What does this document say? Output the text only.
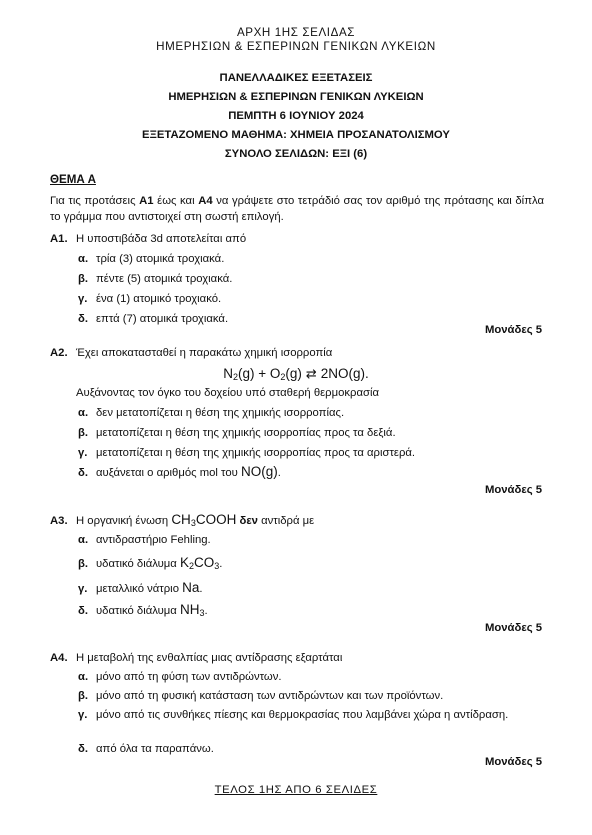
ΑΡΧΗ 1ΗΣ ΣΕΛΙΔΑΣ
ΗΜΕΡΗΣΙΩΝ & ΕΣΠΕΡΙΝΩΝ ΓΕΝΙΚΩΝ ΛΥΚΕΙΩΝ
ΠΑΝΕΛΛΑΔΙΚΕΣ ΕΞΕΤΑΣΕΙΣ
ΗΜΕΡΗΣΙΩΝ & ΕΣΠΕΡΙΝΩΝ ΓΕΝΙΚΩΝ ΛΥΚΕΙΩΝ
ΠΕΜΠΤΗ 6 ΙΟΥΝΙΟΥ 2024
ΕΞΕΤΑΖΟΜΕΝΟ ΜΑΘΗΜΑ: ΧΗΜΕΙΑ ΠΡΟΣΑΝΑΤΟΛΙΣΜΟΥ
ΣΥΝΟΛΟ ΣΕΛΙΔΩΝ: ΕΞΙ (6)
ΘΕΜΑ Α
Για τις προτάσεις Α1 έως και Α4 να γράψετε στο τετράδιό σας τον αριθμό της πρότασης και δίπλα το γράμμα που αντιστοιχεί στη σωστή επιλογή.
Α1. Η υποστιβάδα 3d αποτελείται από
α. τρία (3) ατομικά τροχιακά.
β. πέντε (5) ατομικά τροχιακά.
γ. ένα (1) ατομικό τροχιακό.
δ. επτά (7) ατομικά τροχιακά.
Μονάδες 5
Α2. Έχει αποκατασταθεί η παρακάτω χημική ισορροπία
$N_2(g) + O_2(g)$ ⇄ 2NO(g).
Αυξάνοντας τον όγκο του δοχείου υπό σταθερή θερμοκρασία
α. δεν μετατοπίζεται η θέση της χημικής ισορροπίας.
β. μετατοπίζεται η θέση της χημικής ισορροπίας προς τα δεξιά.
γ. μετατοπίζεται η θέση της χημικής ισορροπίας προς τα αριστερά.
δ. αυξάνεται ο αριθμός mol του NO(g).
Μονάδες 5
Α3. Η οργανική ένωση $CH_3COOH$ δεν αντιδρά με
α. αντιδραστήριο Fehling.
β. υδατικό διάλυμα $K_2CO_3$.
γ. μεταλλικό νάτριο Na.
δ. υδατικό διάλυμα $NH_3$.
Μονάδες 5
Α4. Η μεταβολή της ενθαλπίας μιας αντίδρασης εξαρτάται
α. μόνο από τη φύση των αντιδρώντων.
β. μόνο από τη φυσική κατάσταση των αντιδρώντων και των προϊόντων.
γ. μόνο από τις συνθήκες πίεσης και θερμοκρασίας που λαμβάνει χώρα η αντίδραση.
δ. από όλα τα παραπάνω.
Μονάδες 5
ΤΕΛΟΣ 1ΗΣ ΑΠΟ 6 ΣΕΛΙΔΕΣ
